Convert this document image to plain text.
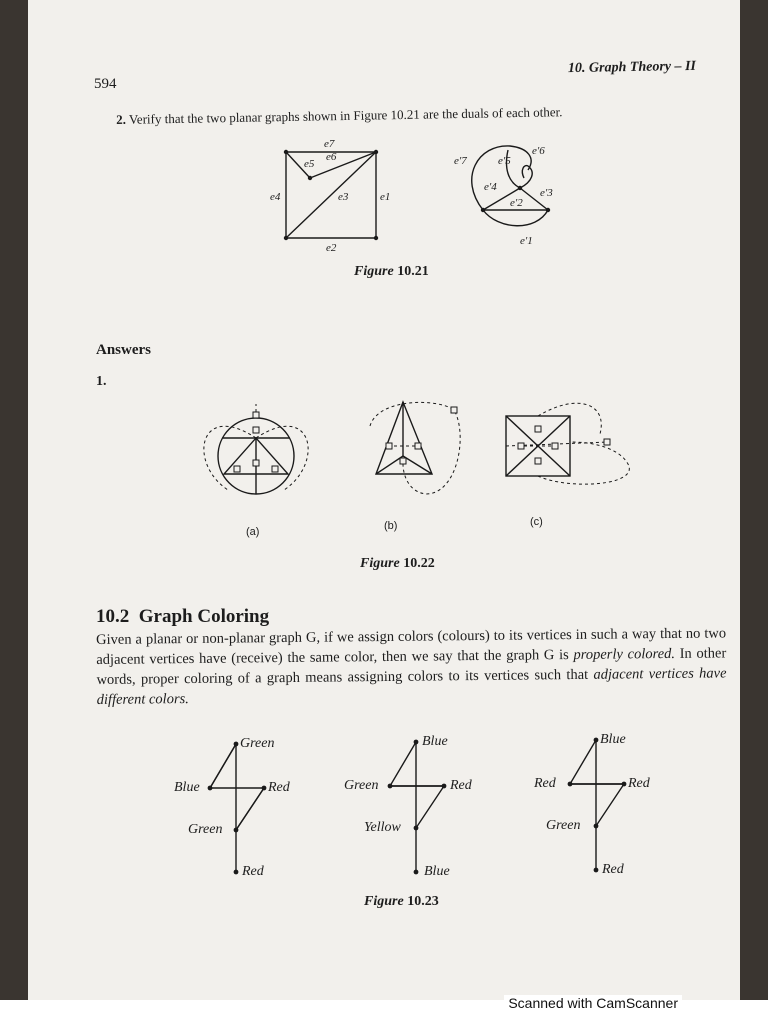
594
10. Graph Theory – II
2. Verify that the two planar graphs shown in Figure 10.21 are the duals of each other.
e7
e6
e5
e4	e3	e1
e2
e′7	e′5
e′6
e′4	e′3
e′2
e′1
Figure 10.21
Answers
1.
(a)	(b)	(c)
Figure 10.22
10.2 Graph Coloring

Given a planar or non-planar graph G, if we assign colors (colours) to its vertices in such a way that no two adjacent vertices have (receive) the same color, then we say that the graph G is properly colored. In other words, proper coloring of a graph means assigning colors to its vertices such that adjacent vertices have different colors.

Green
Blue	Red
Green
Red
Blue
Green	Red
Yellow
Blue
Blue
Red	Red
Green
Red
Figure 10.23
Scanned with CamScanner
